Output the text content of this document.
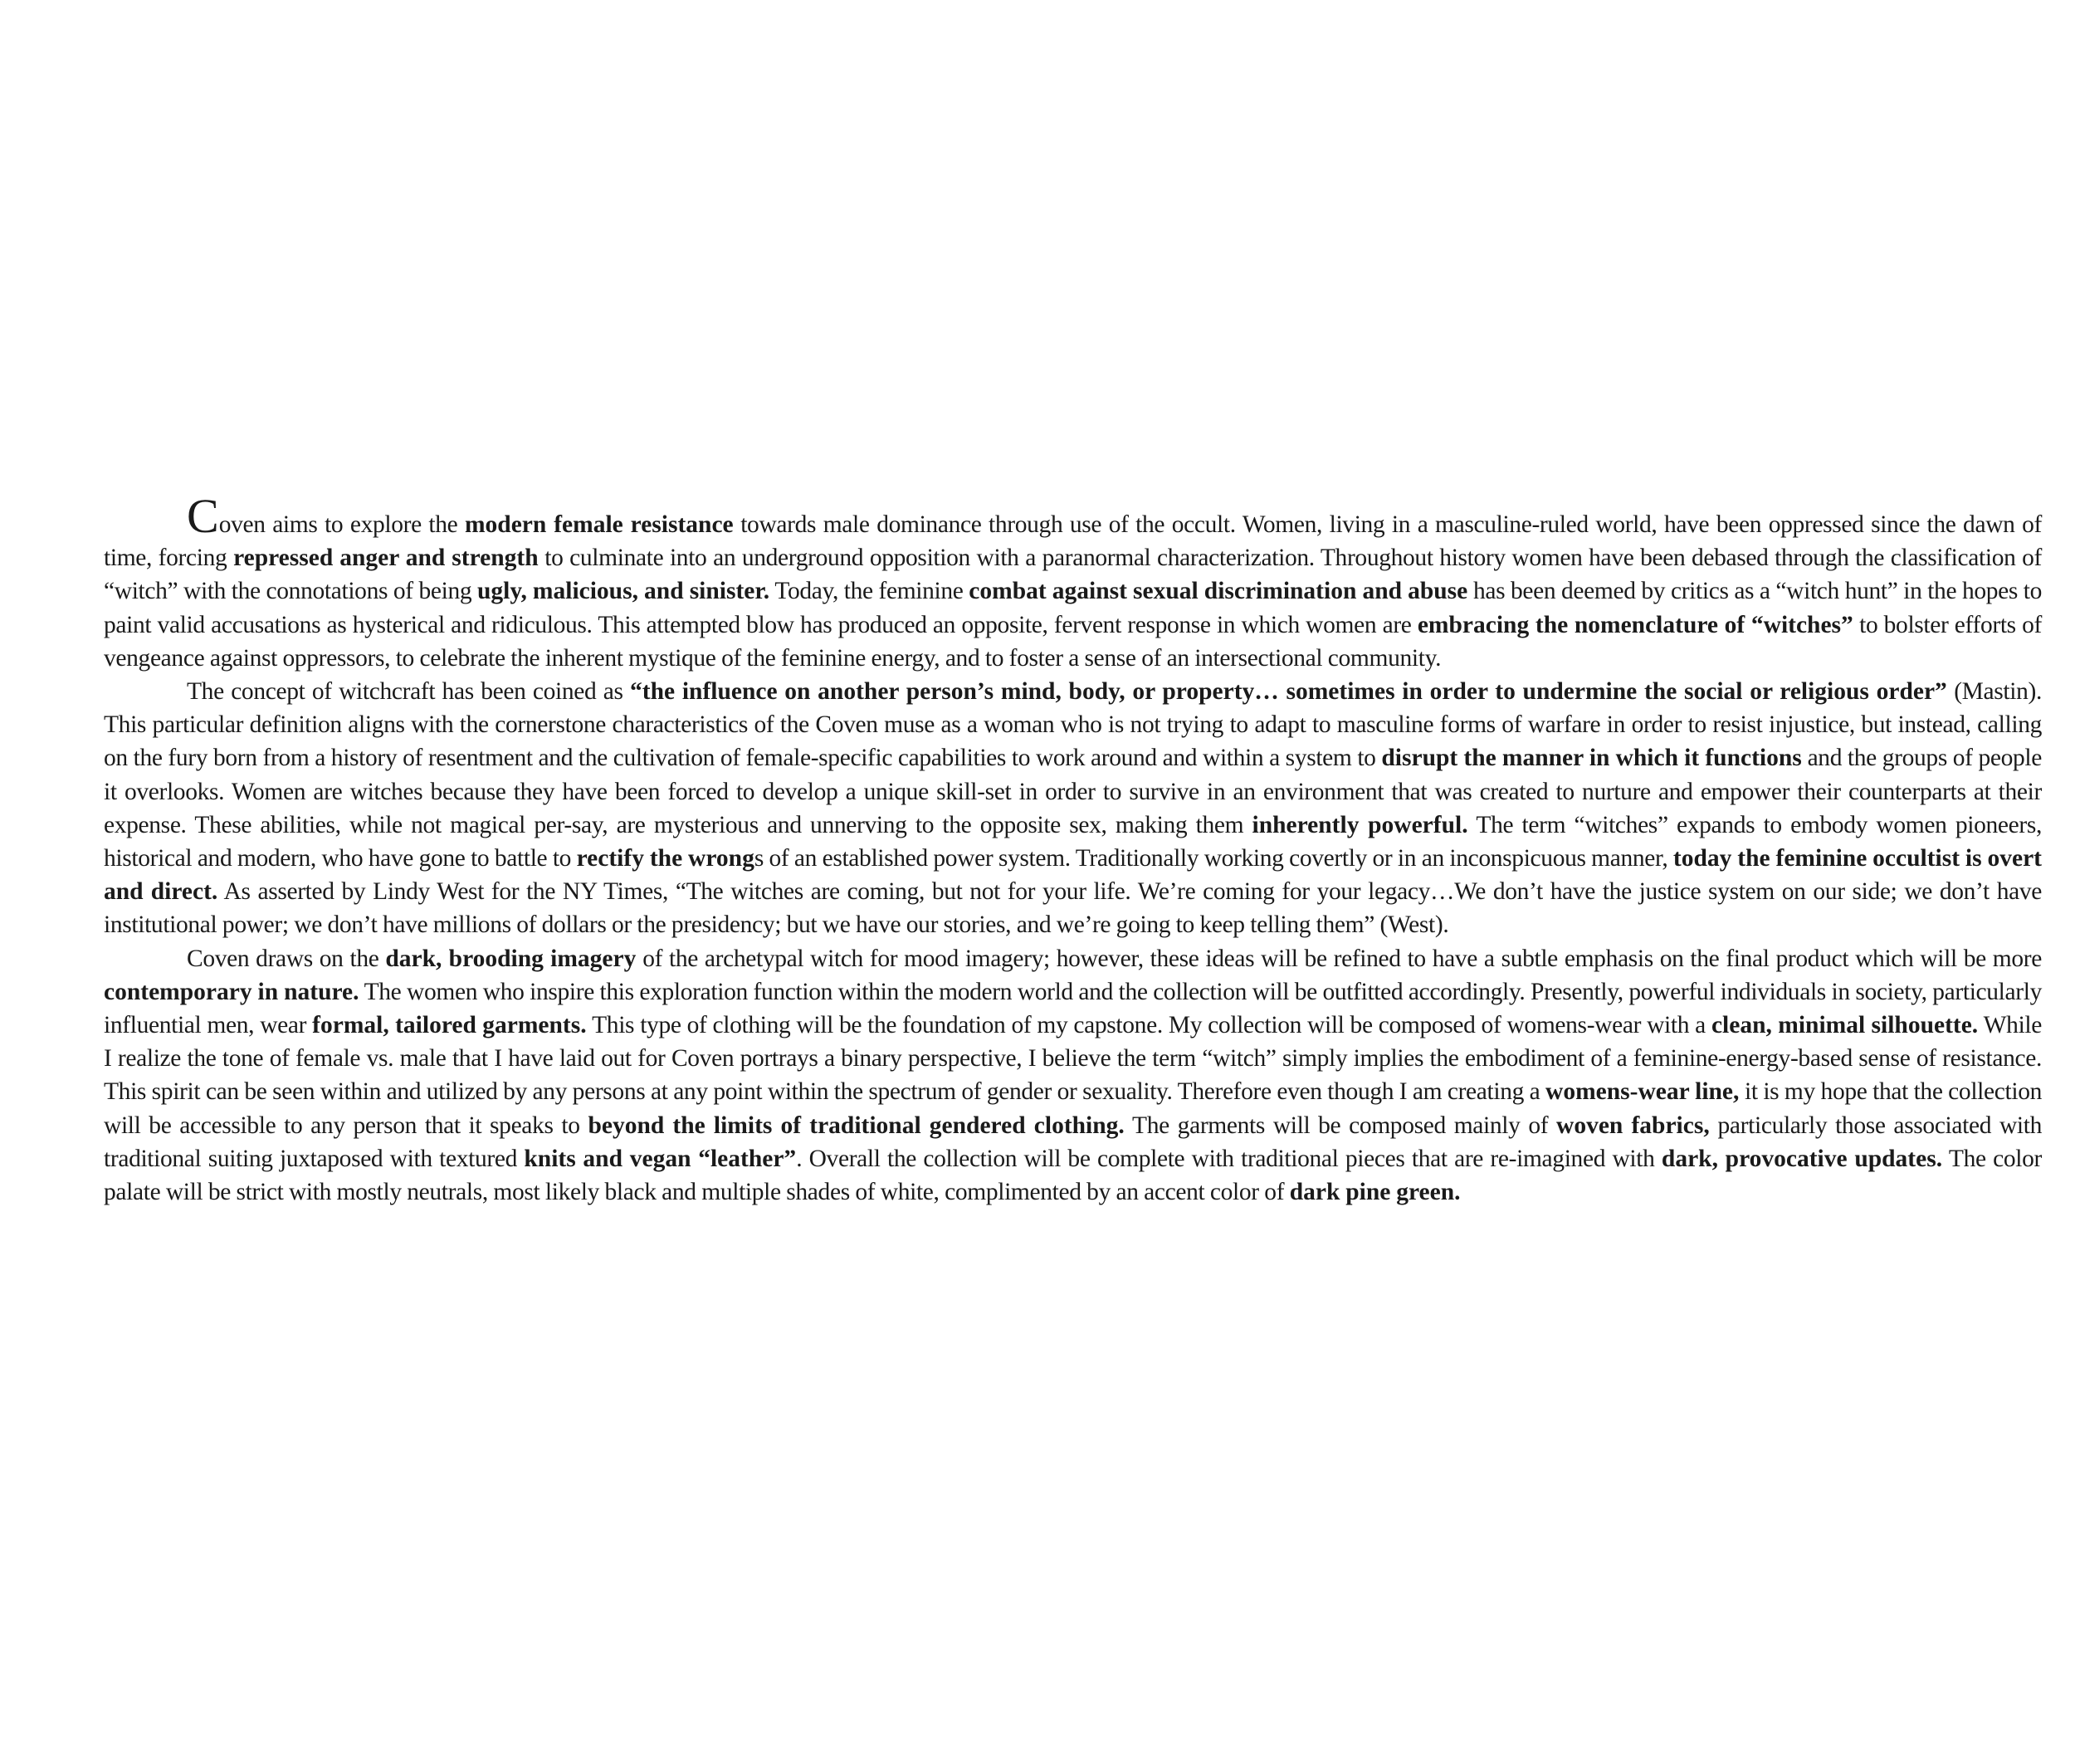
Coven aims to explore the modern female resistance towards male dominance through use of the occult. Women, living in a masculine-ruled world, have been oppressed since the dawn of time, forcing repressed anger and strength to culminate into an underground opposition with a paranormal characterization. Throughout history women have been debased through the classification of “witch” with the connotations of being ugly, malicious, and sinister. Today, the feminine combat against sexual discrimination and abuse has been deemed by critics as a “witch hunt” in the hopes to paint valid accusations as hysterical and ridiculous. This attempted blow has produced an opposite, fervent response in which women are embracing the nomenclature of “witches” to bolster efforts of vengeance against oppressors, to celebrate the inherent mystique of the feminine energy, and to foster a sense of an intersectional community.

The concept of witchcraft has been coined as “the influence on another person’s mind, body, or property… sometimes in order to undermine the social or religious order” (Mastin). This particular definition aligns with the cornerstone characteristics of the Coven muse as a woman who is not trying to adapt to masculine forms of warfare in order to resist injustice, but instead, calling on the fury born from a history of resentment and the cultivation of female-specific capabilities to work around and within a system to disrupt the manner in which it functions and the groups of people it overlooks. Women are witches because they have been forced to develop a unique skill-set in order to survive in an environment that was created to nurture and empower their counterparts at their expense. These abilities, while not magical per-say, are mysterious and unnerving to the opposite sex, making them inherently powerful. The term “witches” expands to embody women pioneers, historical and modern, who have gone to battle to rectify the wrongs of an established power system. Traditionally working covertly or in an inconspicuous manner, today the feminine occultist is overt and direct. As asserted by Lindy West for the NY Times, “The witches are coming, but not for your life. We’re coming for your legacy…We don’t have the justice system on our side; we don’t have institutional power; we don’t have millions of dollars or the presidency; but we have our stories, and we’re going to keep telling them” (West).

Coven draws on the dark, brooding imagery of the archetypal witch for mood imagery; however, these ideas will be refined to have a subtle emphasis on the final product which will be more contemporary in nature. The women who inspire this exploration function within the modern world and the collection will be outfitted accordingly. Presently, powerful individuals in society, particularly influential men, wear formal, tailored garments. This type of clothing will be the foundation of my capstone. My collection will be composed of womens-wear with a clean, minimal silhouette. While I realize the tone of female vs. male that I have laid out for Coven portrays a binary perspective, I believe the term “witch” simply implies the embodiment of a feminine-energy-based sense of resistance. This spirit can be seen within and utilized by any persons at any point within the spectrum of gender or sexuality. Therefore even though I am creating a womens-wear line, it is my hope that the collection will be accessible to any person that it speaks to beyond the limits of traditional gendered clothing. The garments will be composed mainly of woven fabrics, particularly those associated with traditional suiting juxtaposed with textured knits and vegan “leather”. Overall the collection will be complete with traditional pieces that are re-imagined with dark, provocative updates. The color palate will be strict with mostly neutrals, most likely black and multiple shades of white, complimented by an accent color of dark pine green.
